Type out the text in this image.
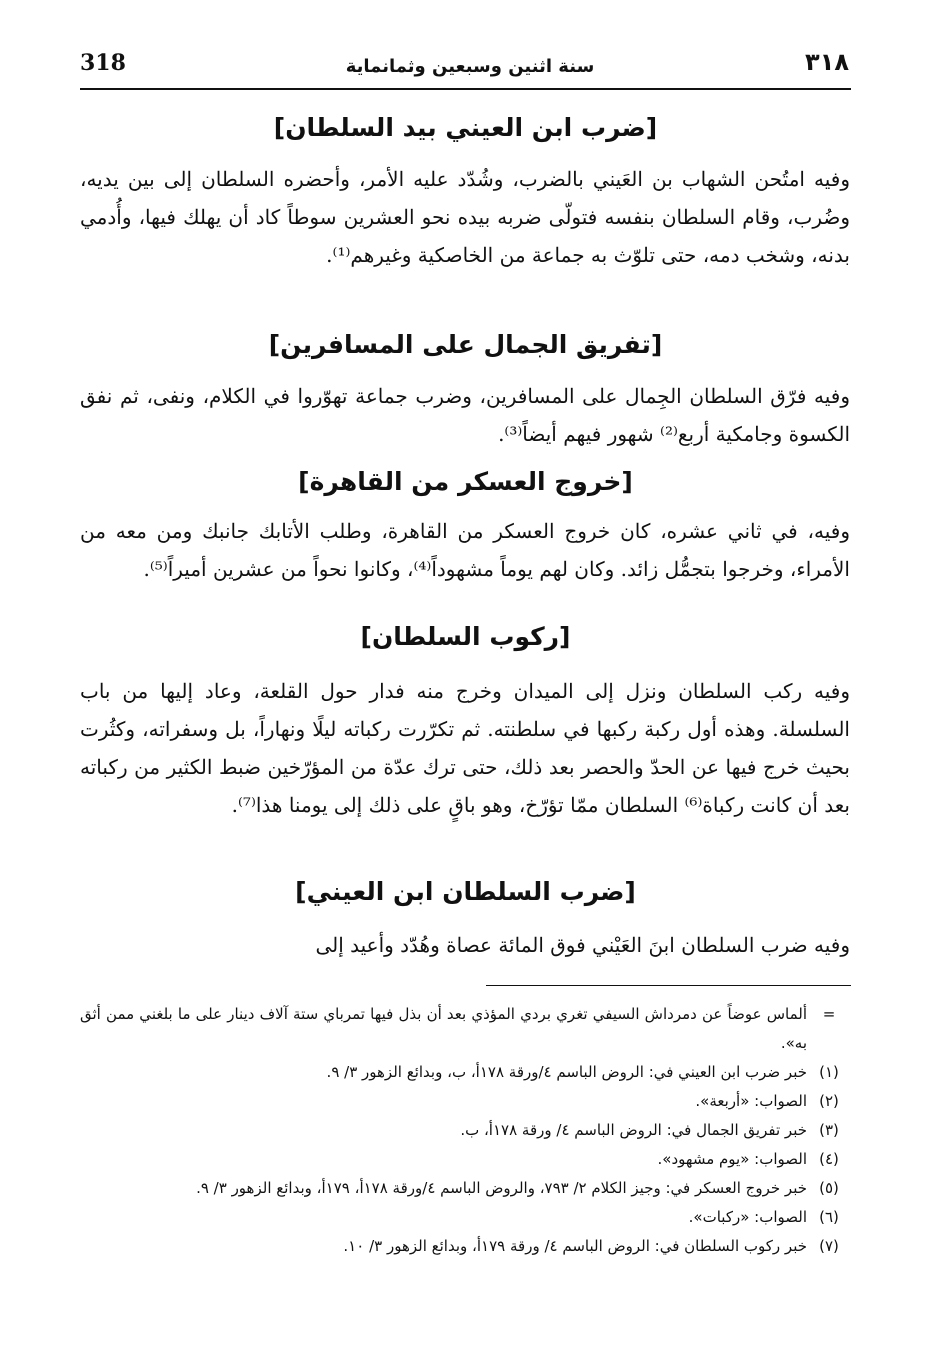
318	سنة اثنين وسبعين وثمانماية	٣١٨
[ضرب ابن العيني بيد السلطان]

وفيه امتُحن الشهاب بن العَيني بالضرب، وشُدّد عليه الأمر، وأحضره السلطان إلى بين يديه، وضُرب، وقام السلطان بنفسه فتولّى ضربه بيده نحو العشرين سوطاً كاد أن يهلك فيها، وأُدمي بدنه، وشخب دمه، حتى تلوّث به جماعة من الخاصكية وغيرهم⁽¹⁾.

[تفريق الجمال على المسافرين]

وفيه فرّق السلطان الجِمال على المسافرين، وضرب جماعة تهوّروا في الكلام، ونفى، ثم نفق الكسوة وجامكية أربع⁽²⁾ شهور فيهم أيضاً⁽³⁾.

[خروج العسكر من القاهرة]

وفيه، في ثاني عشره، كان خروج العسكر من القاهرة، وطلب الأتابك جانبك ومن معه من الأمراء، وخرجوا بتجمُّل زائد. وكان لهم يوماً مشهوداً⁽⁴⁾، وكانوا نحواً من عشرين أميراً⁽⁵⁾.

[ركوب السلطان]

وفيه ركب السلطان ونزل إلى الميدان وخرج منه فدار حول القلعة، وعاد إليها من باب السلسلة. وهذه أول ركبة ركبها في سلطنته. ثم تكرّرت ركباته ليلًا ونهاراً، بل وسفراته، وكثُرت بحيث خرج فيها عن الحدّ والحصر بعد ذلك، حتى ترك عدّة من المؤرّخين ضبط الكثير من ركباته بعد أن كانت ركباة⁽⁶⁾ السلطان ممّا تؤرّخ، وهو باقٍ على ذلك إلى يومنا هذا⁽⁷⁾.

[ضرب السلطان ابن العيني]

وفيه ضرب السلطان ابنَ العَيْني فوق المائة عصاة وهُدّد وأعيد إلى

=
ألماس عوضاً عن دمرداش السيفي تغري بردي المؤذي بعد أن بذل فيها تمرباي ستة آلاف دينار على ما بلغني ممن أثق به».
(١)
خبر ضرب ابن العيني في: الروض الباسم ٤/ورقة ١٧٨أ، ب، وبدائع الزهور ٣/ ٩.
(٢)
الصواب: «أربعة».
(٣)
خبر تفريق الجمال في: الروض الباسم ٤/ ورقة ١٧٨أ، ب.
(٤)
الصواب: «يوم مشهود».
(٥)
خبر خروج العسكر في: وجيز الكلام ٢/ ٧٩٣، والروض الباسم ٤/ورقة ١٧٨أ، ١٧٩أ، وبدائع الزهور ٣/ ٩.
(٦)
الصواب: «ركبات».
(٧)
خبر ركوب السلطان في: الروض الباسم ٤/ ورقة ١٧٩أ، وبدائع الزهور ٣/ ١٠.
